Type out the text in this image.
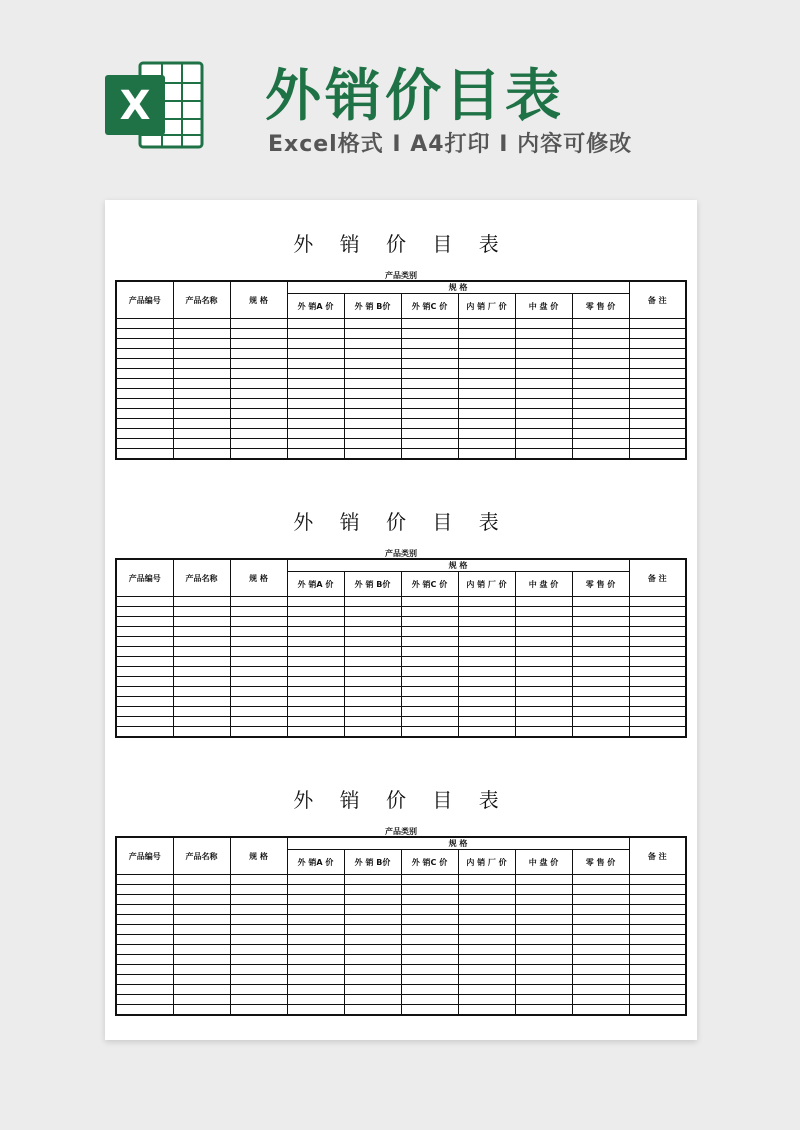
X 外销价目表
Excel格式 I A4打印 I 内容可修改
外 销 价 目 表
产品类别
产品编号	产品名称	规 格	规 格						备 注
			外 销A 价	外 销 B价	外 销C 价	内 销 厂 价	中 盘 价	零 售 价	

外 销 价 目 表
产品类别
产品编号	产品名称	规 格	规 格						备 注
			外 销A 价	外 销 B价	外 销C 价	内 销 厂 价	中 盘 价	零 售 价	

外 销 价 目 表
产品类别
产品编号	产品名称	规 格	规 格						备 注
			外 销A 价	外 销 B价	外 销C 价	内 销 厂 价	中 盘 价	零 售 价	
